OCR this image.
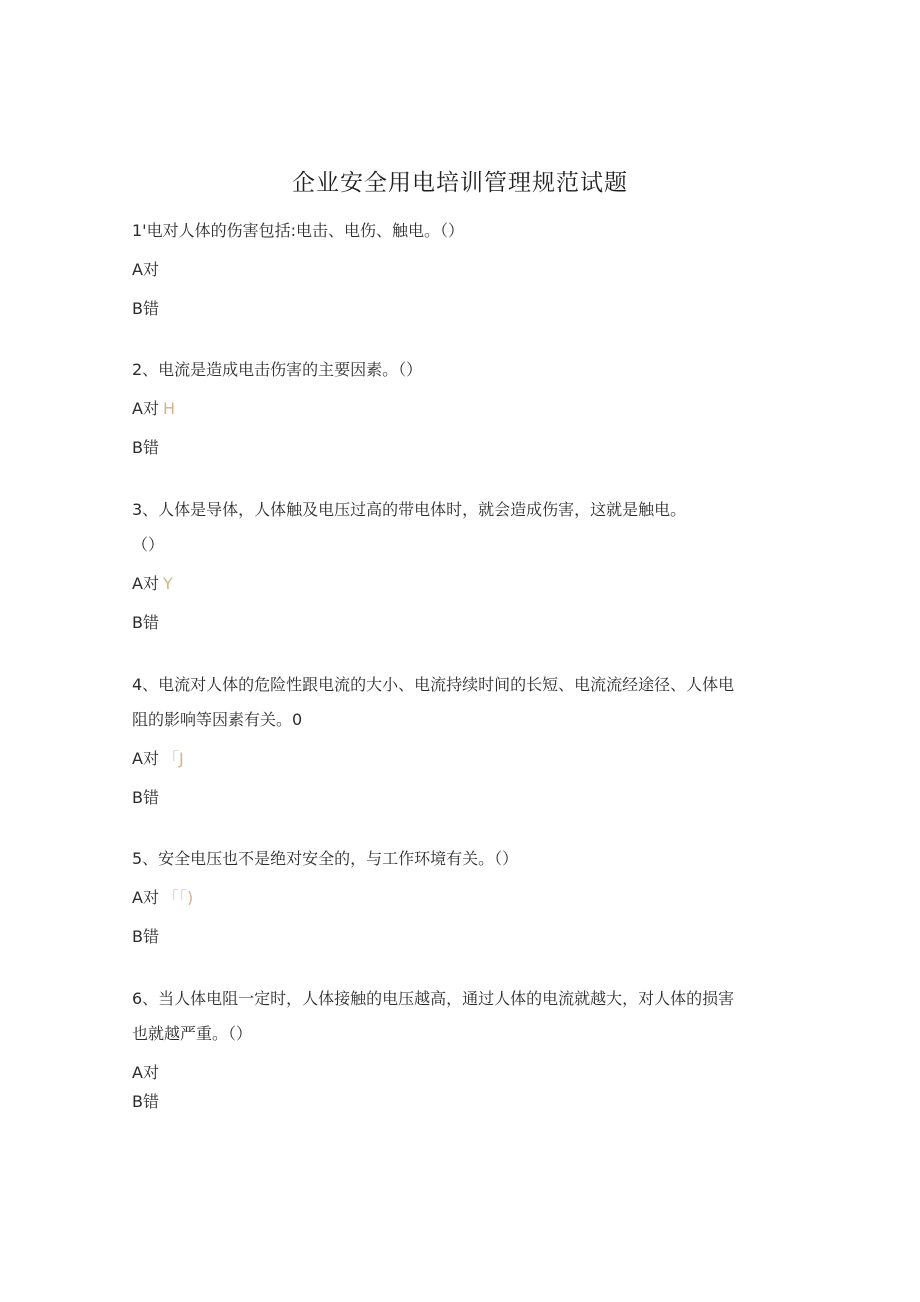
企业安全用电培训管理规范试题
1'电对人体的伤害包括:电击、电伤、触电。（）
A对
B错
2、电流是造成电击伤害的主要因素。（）
A对 H
B错
3、人体是导体，人体触及电压过高的带电体时，就会造成伤害，这就是触电。
（）
A对 Y
B错
4、电流对人体的危险性跟电流的大小、电流持续时间的长短、电流流经途径、人体电
阻的影响等因素有关。0
A对 「J
B错
5、安全电压也不是绝对安全的，与工作环境有关。（）
A对 「「)
B错
6、当人体电阻一定时，人体接触的电压越高，通过人体的电流就越大，对人体的损害
也就越严重。（）
A对
B错
